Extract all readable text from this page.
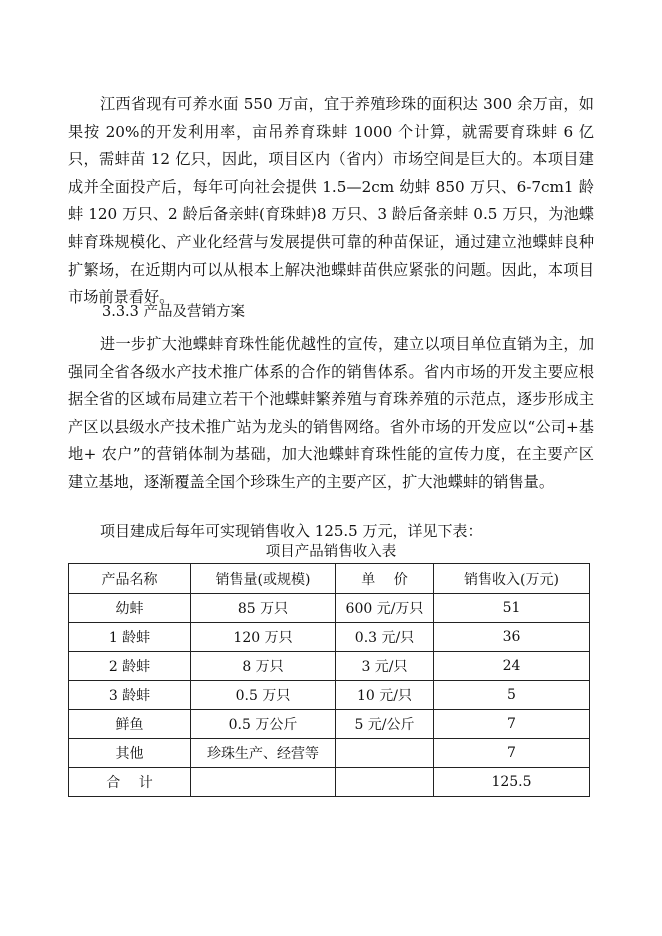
江西省现有可养水面 550 万亩，宜于养殖珍珠的面积达 300 余万亩，如果按 20%的开发利用率，亩吊养育珠蚌 1000 个计算，就需要育珠蚌 6 亿只，需蚌苗 12 亿只，因此，项目区内（省内）市场空间是巨大的。本项目建成并全面投产后，每年可向社会提供 1.5—2cm 幼蚌 850 万只、6-7cm1 龄蚌 120 万只、2 龄后备亲蚌(育珠蚌)8 万只、3 龄后备亲蚌 0.5 万只，为池蝶蚌育珠规模化、产业化经营与发展提供可靠的种苗保证，通过建立池蝶蚌良种扩繁场，在近期内可以从根本上解决池蝶蚌苗供应紧张的问题。因此，本项目市场前景看好。

3.3.3 产品及营销方案

进一步扩大池蝶蚌育珠性能优越性的宣传，建立以项目单位直销为主，加强同全省各级水产技术推广体系的合作的销售体系。省内市场的开发主要应根据全省的区域布局建立若干个池蝶蚌繁养殖与育珠养殖的示范点，逐步形成主产区以县级水产技术推广站为龙头的销售网络。省外市场的开发应以“公司+基地+ 农户”的营销体制为基础，加大池蝶蚌育珠性能的宣传力度，在主要产区建立基地，逐渐覆盖全国个珍珠生产的主要产区，扩大池蝶蚌的销售量。

项目建成后每年可实现销售收入 125.5 万元，详见下表：

项目产品销售收入表

产品名称	销售量(或规模)	单　 价	销售收入(万元)
幼蚌	85 万只	600 元/万只	51
1 龄蚌	120 万只	0.3 元/只	36
2 龄蚌	8 万只	3 元/只	24
3 龄蚌	0.5 万只	10 元/只	5
鲜鱼	0.5 万公斤	5 元/公斤	7
其他	珍珠生产、经营等		7
合　 计			125.5
